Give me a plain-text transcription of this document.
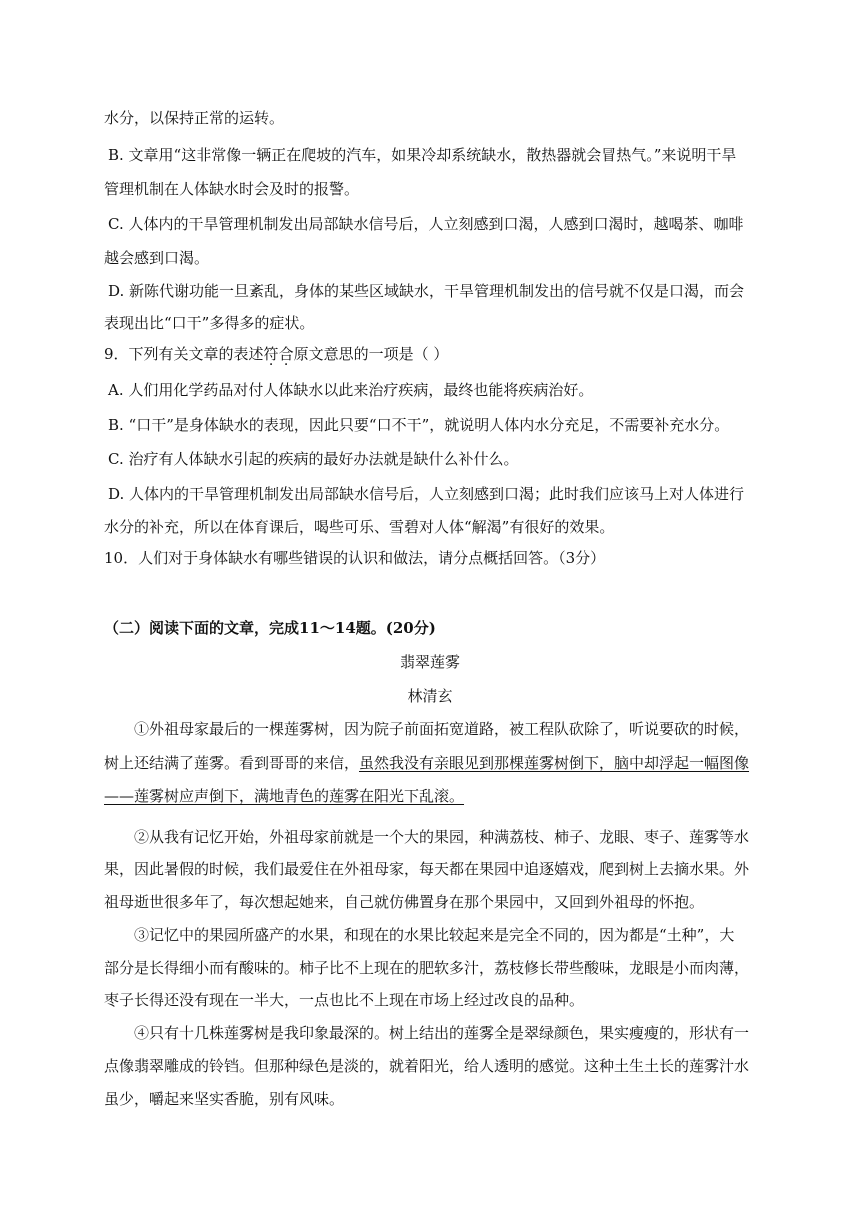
水分，以保持正常的运转。
B. 文章用“这非常像一辆正在爬坡的汽车，如果冷却系统缺水，散热器就会冒热气。”来说明干旱
管理机制在人体缺水时会及时的报警。
C. 人体内的干旱管理机制发出局部缺水信号后，人立刻感到口渴，人感到口渴时，越喝茶、咖啡
越会感到口渴。
D. 新陈代谢功能一旦紊乱，身体的某些区域缺水，干旱管理机制发出的信号就不仅是口渴，而会
表现出比“口干”多得多的症状。
9．下列有关文章的表述符合原文意思的一项是（ ）
A. 人们用化学药品对付人体缺水以此来治疗疾病，最终也能将疾病治好。
B. “口干”是身体缺水的表现，因此只要“口不干”，就说明人体内水分充足，不需要补充水分。
C. 治疗有人体缺水引起的疾病的最好办法就是缺什么补什么。
D. 人体内的干旱管理机制发出局部缺水信号后，人立刻感到口渴；此时我们应该马上对人体进行
水分的补充，所以在体育课后，喝些可乐、雪碧对人体“解渴”有很好的效果。
10．人们对于身体缺水有哪些错误的认识和做法，请分点概括回答。（3分）
（二）阅读下面的文章，完成11～14题。(20分)
翡翠莲雾
林清玄
①外祖母家最后的一棵莲雾树，因为院子前面拓宽道路，被工程队砍除了，听说要砍的时候，
树上还结满了莲雾。看到哥哥的来信，虽然我没有亲眼见到那棵莲雾树倒下，脑中却浮起一幅图像
——莲雾树应声倒下，满地青色的莲雾在阳光下乱滚。
②从我有记忆开始，外祖母家前就是一个大的果园，种满荔枝、柿子、龙眼、枣子、莲雾等水
果，因此暑假的时候，我们最爱住在外祖母家，每天都在果园中追逐嬉戏，爬到树上去摘水果。外
祖母逝世很多年了，每次想起她来，自己就仿佛置身在那个果园中，又回到外祖母的怀抱。
③记忆中的果园所盛产的水果，和现在的水果比较起来是完全不同的，因为都是“土种”，大
部分是长得细小而有酸味的。柿子比不上现在的肥软多汁，荔枝修长带些酸味，龙眼是小而肉薄，
枣子长得还没有现在一半大，一点也比不上现在市场上经过改良的品种。
④只有十几株莲雾树是我印象最深的。树上结出的莲雾全是翠绿颜色，果实瘦瘦的，形状有一
点像翡翠雕成的铃铛。但那种绿色是淡的，就着阳光，给人透明的感觉。这种土生土长的莲雾汁水
虽少，嚼起来坚实香脆，别有风味。
